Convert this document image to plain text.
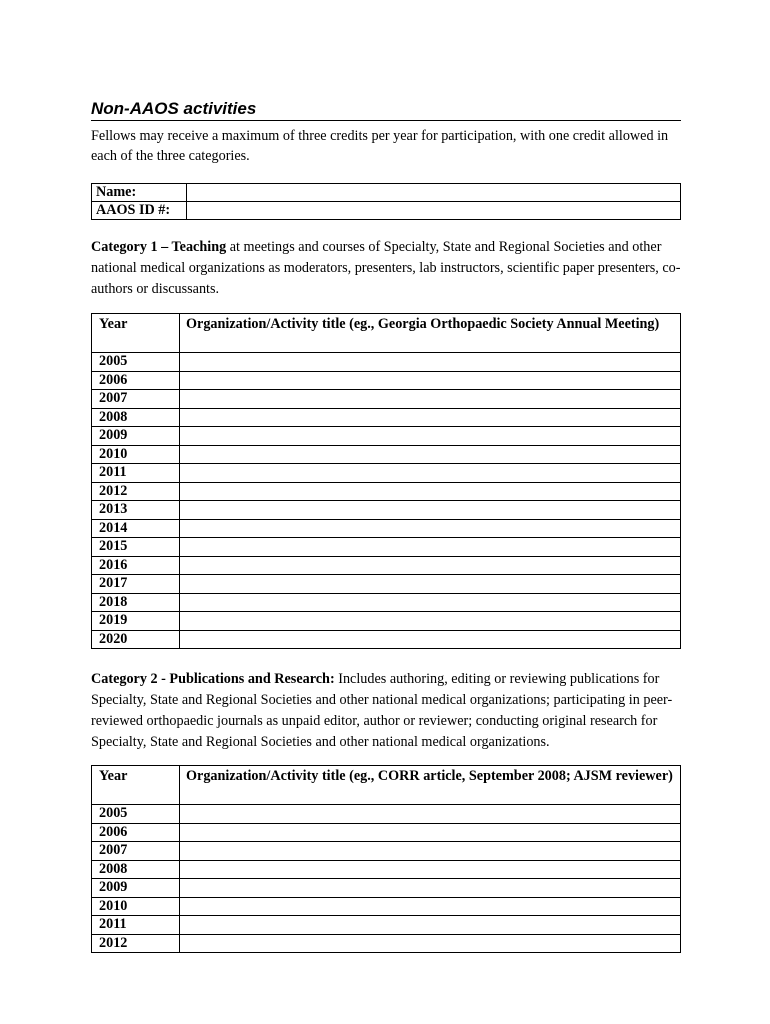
Non-AAOS activities
Fellows may receive a maximum of three credits per year for participation, with one credit allowed in each of the three categories.
Name:	
AAOS ID #:	
Category 1 – Teaching at meetings and courses of Specialty, State and Regional Societies and other national medical organizations as moderators, presenters, lab instructors, scientific paper presenters, co-authors or discussants.
Year	Organization/Activity title (eg., Georgia Orthopaedic Society Annual Meeting)
2005	
2006	
2007	
2008	
2009	
2010	
2011	
2012	
2013	
2014	
2015	
2016	
2017	
2018	
2019	
2020	
Category 2 - Publications and Research: Includes authoring, editing or reviewing publications for Specialty, State and Regional Societies and other national medical organizations; participating in peer-reviewed orthopaedic journals as unpaid editor, author or reviewer; conducting original research for Specialty, State and Regional Societies and other national medical organizations.
Year	Organization/Activity title (eg., CORR article, September 2008; AJSM reviewer)
2005	
2006	
2007	
2008	
2009	
2010	
2011	
2012	
